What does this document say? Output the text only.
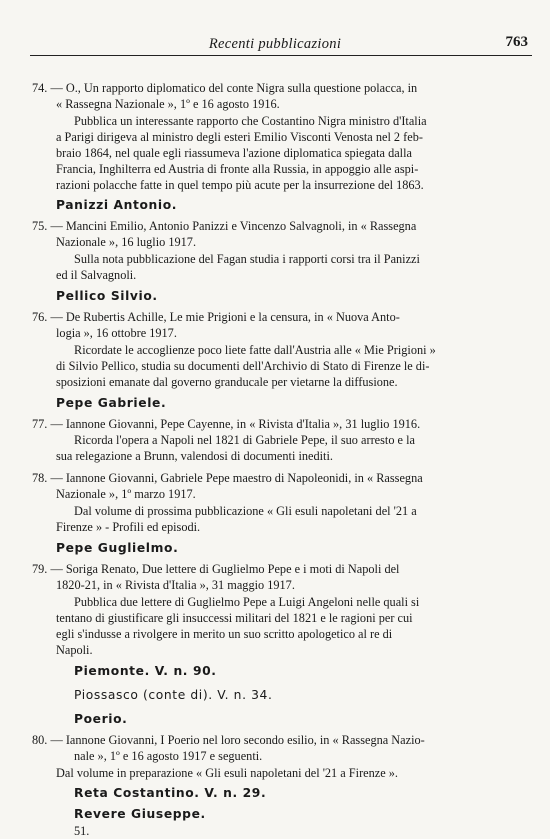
Recenti pubblicazioni	763
74. — O., Un rapporto diplomatico del conte Nigra sulla questione polacca, in
« Rassegna Nazionale », 1º e 16 agosto 1916.
Pubblica un interessante rapporto che Costantino Nigra ministro d'Italia
a Parigi dirigeva al ministro degli esteri Emilio Visconti Venosta nel 2 feb-
braio 1864, nel quale egli riassumeva l'azione diplomatica spiegata dalla
Francia, Inghilterra ed Austria di fronte alla Russia, in appoggio alle aspi-
razioni polacche fatte in quel tempo più acute per la insurrezione del 1863.
Panizzi Antonio.
75. — Mancini Emilio, Antonio Panizzi e Vincenzo Salvagnoli, in « Rassegna
Nazionale », 16 luglio 1917.
Sulla nota pubblicazione del Fagan studia i rapporti corsi tra il Panizzi
ed il Salvagnoli.
Pellico Silvio.
76. — De Rubertis Achille, Le mie Prigioni e la censura, in « Nuova Anto-
logia », 16 ottobre 1917.
Ricordate le accoglienze poco liete fatte dall'Austria alle « Mie Prigioni »
di Silvio Pellico, studia su documenti dell'Archivio di Stato di Firenze le di-
sposizioni emanate dal governo granducale per vietarne la diffusione.
Pepe Gabriele.
77. — Iannone Giovanni, Pepe Cayenne, in « Rivista d'Italia », 31 luglio 1916.
Ricorda l'opera a Napoli nel 1821 di Gabriele Pepe, il suo arresto e la
sua relegazione a Brunn, valendosi di documenti inediti.
78. — Iannone Giovanni, Gabriele Pepe maestro di Napoleonidi, in « Rassegna
Nazionale », 1º marzo 1917.
Dal volume di prossima pubblicazione « Gli esuli napoletani del '21 a
Firenze » - Profili ed episodi.
Pepe Guglielmo.
79. — Soriga Renato, Due lettere di Guglielmo Pepe e i moti di Napoli del
1820-21, in « Rivista d'Italia », 31 maggio 1917.
Pubblica due lettere di Guglielmo Pepe a Luigi Angeloni nelle quali si
tentano di giustificare gli insuccessi militari del 1821 e le ragioni per cui
egli s'indusse a rivolgere in merito un suo scritto apologetico al re di
Napoli.
Piemonte. V. n. 90.
Piossasco (conte di). V. n. 34.
Poerio.
80. — Iannone Giovanni, I Poerio nel loro secondo esilio, in « Rassegna Nazio-
nale », 1º e 16 agosto 1917 e seguenti.
Dal volume in preparazione « Gli esuli napoletani del '21 a Firenze ».
Reta Costantino. V. n. 29.
Revere Giuseppe.
51.
